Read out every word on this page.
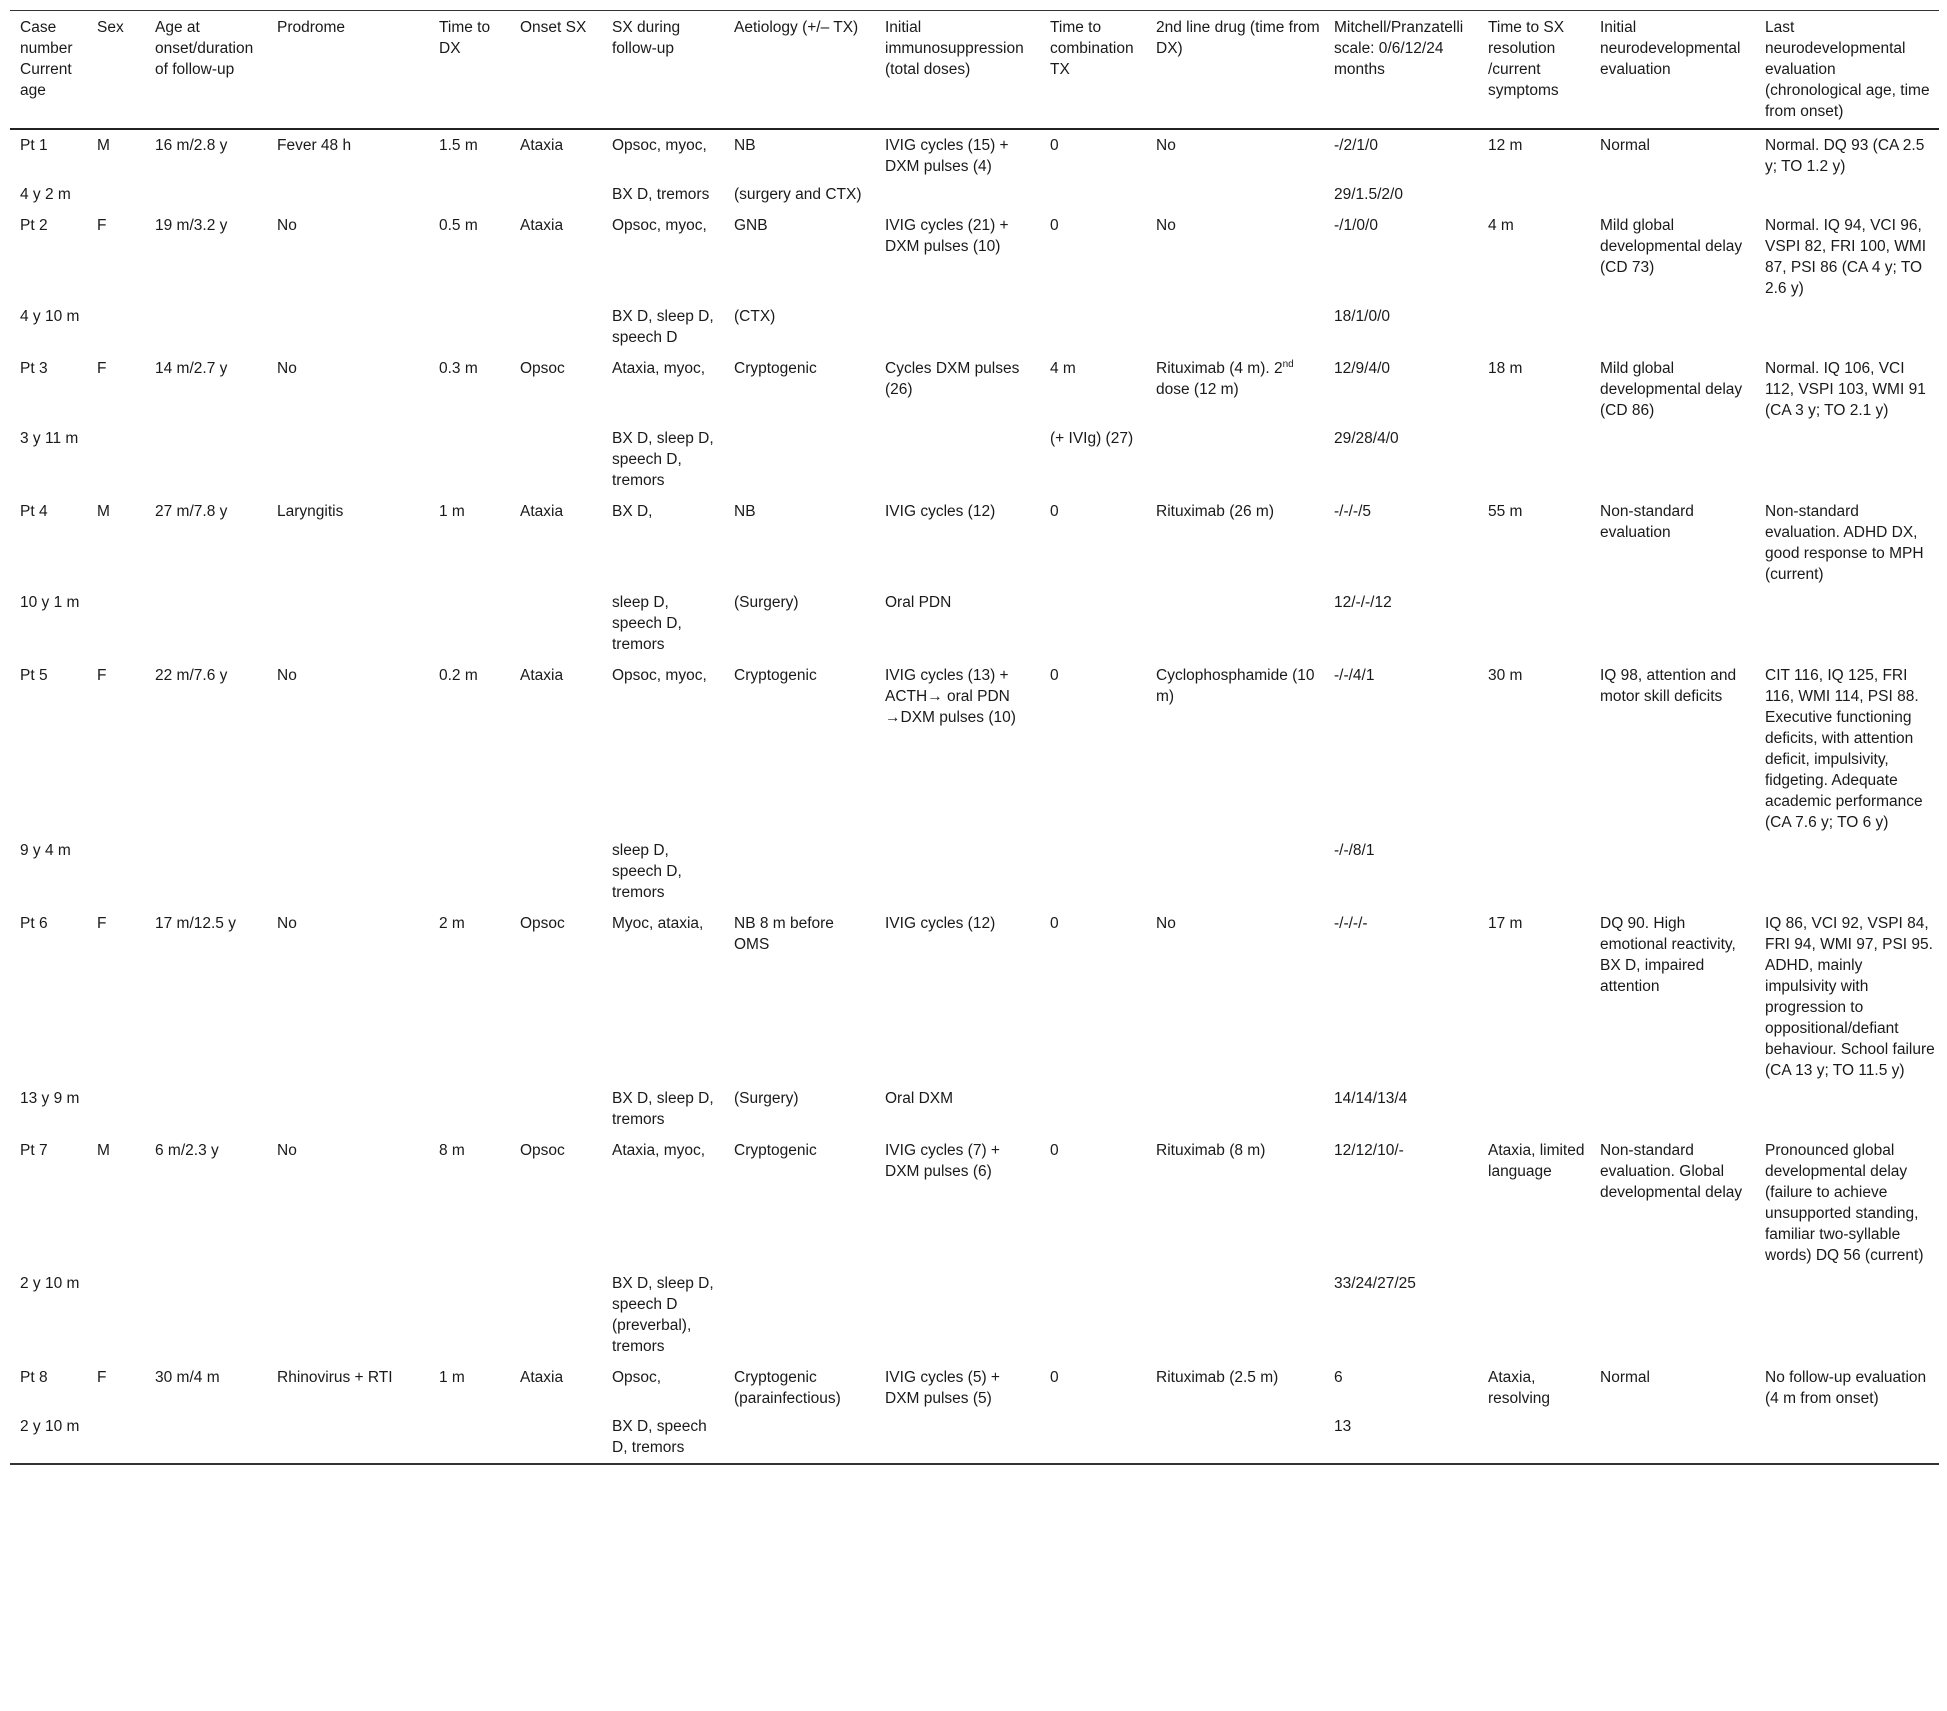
Case number Current age	Sex	Age at onset/duration of follow-up	Prodrome	Time to DX	Onset SX	SX during follow-up	Aetiology (+/– TX)	Initial immunosuppression (total doses)	Time to combination TX	2nd line drug (time from DX)	Mitchell/Pranzatelli scale: 0/6/12/24 months	Time to SX resolution /current symptoms	Initial neurodevelopmental evaluation	Last neurodevelopmental evaluation (chronological age, time from onset)
Pt 1	M	16 m/2.8 y	Fever 48 h	1.5 m	Ataxia	Opsoc, myoc,	NB	IVIG cycles (15) + DXM pulses (4)	0	No	-/2/1/0	12 m	Normal	Normal. DQ 93 (CA 2.5 y; TO 1.2 y)
4 y 2 m						BX D, tremors	(surgery and CTX)				29/1.5/2/0			
Pt 2	F	19 m/3.2 y	No	0.5 m	Ataxia	Opsoc, myoc,	GNB	IVIG cycles (21) + DXM pulses (10)	0	No	-/1/0/0	4 m	Mild global developmental delay (CD 73)	Normal. IQ 94, VCI 96, VSPI 82, FRI 100, WMI 87, PSI 86 (CA 4 y; TO 2.6 y)
4 y 10 m						BX D, sleep D, speech D	(CTX)				18/1/0/0			
Pt 3	F	14 m/2.7 y	No	0.3 m	Opsoc	Ataxia, myoc,	Cryptogenic	Cycles DXM pulses (26)	4 m	Rituximab (4 m). 2nd dose (12 m)	12/9/4/0	18 m	Mild global developmental delay (CD 86)	Normal. IQ 106, VCI 112, VSPI 103, WMI 91 (CA 3 y; TO 2.1 y)
3 y 11 m						BX D, sleep D, speech D, tremors			(+ IVIg) (27)		29/28/4/0			
Pt 4	M	27 m/7.8 y	Laryngitis	1 m	Ataxia	BX D,	NB	IVIG cycles (12)	0	Rituximab (26 m)	-/-/-/5	55 m	Non-standard evaluation	Non-standard evaluation. ADHD DX, good response to MPH (current)
10 y 1 m						sleep D, speech D, tremors	(Surgery)	Oral PDN			12/-/-/12			
Pt 5	F	22 m/7.6 y	No	0.2 m	Ataxia	Opsoc, myoc,	Cryptogenic	IVIG cycles (13) + ACTH→ oral PDN →DXM pulses (10)	0	Cyclophosphamide (10 m)	-/-/4/1	30 m	IQ 98, attention and motor skill deficits	CIT 116, IQ 125, FRI 116, WMI 114, PSI 88. Executive functioning deficits, with attention deficit, impulsivity, fidgeting. Adequate academic performance (CA 7.6 y; TO 6 y)
9 y 4 m						sleep D, speech D, tremors					-/-/8/1			
Pt 6	F	17 m/12.5 y	No	2 m	Opsoc	Myoc, ataxia,	NB 8 m before OMS	IVIG cycles (12)	0	No	-/-/-/-	17 m	DQ 90. High emotional reactivity, BX D, impaired attention	IQ 86, VCI 92, VSPI 84, FRI 94, WMI 97, PSI 95. ADHD, mainly impulsivity with progression to oppositional/defiant behaviour. School failure (CA 13 y; TO 11.5 y)
13 y 9 m						BX D, sleep D, tremors	(Surgery)	Oral DXM			14/14/13/4			
Pt 7	M	6 m/2.3 y	No	8 m	Opsoc	Ataxia, myoc,	Cryptogenic	IVIG cycles (7) + DXM pulses (6)	0	Rituximab (8 m)	12/12/10/-	Ataxia, limited language	Non-standard evaluation. Global developmental delay	Pronounced global developmental delay (failure to achieve unsupported standing, familiar two-syllable words) DQ 56 (current)
2 y 10 m						BX D, sleep D, speech D (preverbal), tremors					33/24/27/25			
Pt 8	F	30 m/4 m	Rhinovirus + RTI	1 m	Ataxia	Opsoc,	Cryptogenic (parainfectious)	IVIG cycles (5) + DXM pulses (5)	0	Rituximab (2.5 m)	6	Ataxia, resolving	Normal	No follow-up evaluation (4 m from onset)
2 y 10 m						BX D, speech D, tremors					13			
